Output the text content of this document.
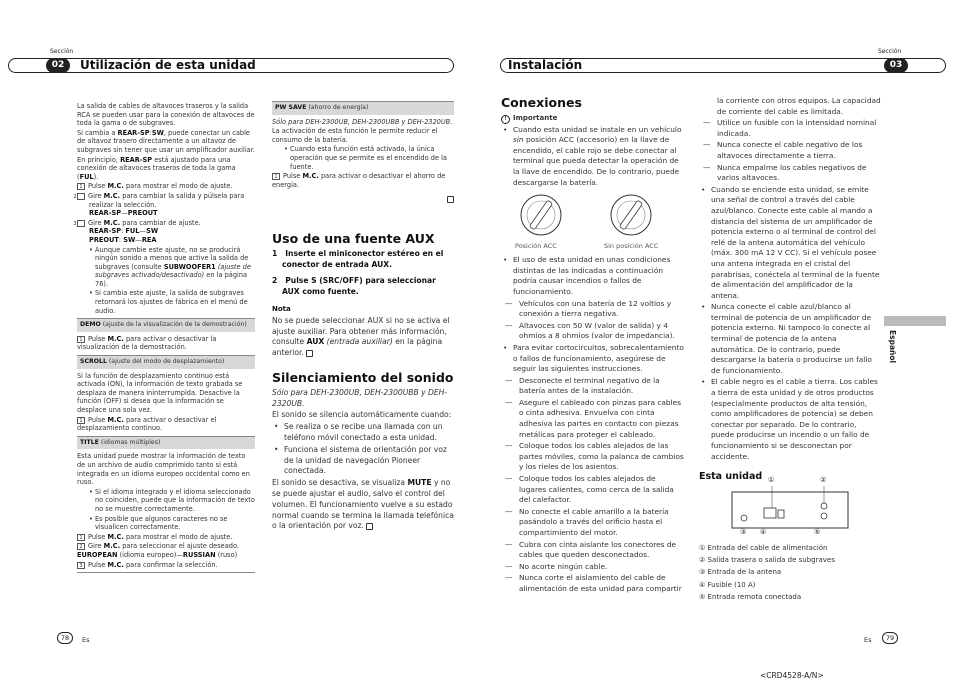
Sección
02	Utilización de esta unidad
Sección
03
Instalación

La salida de cables de altavoces traseros y la salida RCA se pueden usar para la conexión de altavoces de toda la gama o de subgraves.

Si cambia a REAR-SP:SW, puede conectar un cable de altavoz trasero directamente a un altavoz de subgraves sin tener que usar un amplificador auxiliar.

En principio, REAR-SP está ajustado para una conexión de altavoces traseros de toda la gama (FUL).

1 Pulse M.C. para mostrar el modo de ajuste.

2 Gire M.C. para cambiar la salida y púlsela para realizar la selección.
REAR-SP—PREOUT

3 Gire M.C. para cambiar de ajuste.
REAR-SP: FUL—SW
PREOUT: SW—REA

• Aunque cambie este ajuste, no se producirá ningún sonido a menos que active la salida de subgraves (consulte SUBWOOFER1 (ajuste de subgraves activado/desactivado) en la página 76).

• Si cambia este ajuste, la salida de subgraves retornará los ajustes de fábrica en el menú de audio.

DEMO (ajuste de la visualización de la demostración)

1 Pulse M.C. para activar o desactivar la visualización de la demostración.

SCROLL (ajuste del modo de desplazamiento)

Si la función de desplazamiento continuo está activada (ON), la información de texto grabada se desplaza de manera ininterrumpida. Desactive la función (OFF) si desea que la información se desplace una sola vez.

1 Pulse M.C. para activar o desactivar el desplazamiento continuo.

TITLE (idiomas múltiples)

Esta unidad puede mostrar la información de texto de un archivo de audio comprimido tanto si está integrada en un idioma europeo occidental como en ruso.

• Si el idioma integrado y el idioma seleccionado no coinciden, puede que la información de texto no se muestre correctamente.

• Es posible que algunos caracteres no se visualicen correctamente.

1 Pulse M.C. para mostrar el modo de ajuste.

2 Gire M.C. para seleccionar el ajuste deseado.
EUROPEAN (idioma europeo)—RUSSIAN (ruso)

3 Pulse M.C. para confirmar la selección.

PW SAVE (ahorro de energía)

Sólo para DEH-2300UB, DEH-2300UBB y DEH-2320UB.

La activación de esta función le permite reducir el consumo de la batería.

• Cuando esta función está activada, la única operación que se permite es el encendido de la fuente.

1 Pulse M.C. para activar o desactivar el ahorro de energía.

Uso de una fuente AUX

1 Inserte el miniconector estéreo en el conector de entrada AUX.

2 Pulse S (SRC/OFF) para seleccionar AUX como fuente.

Nota

No se puede seleccionar AUX si no se activa el ajuste auxiliar. Para obtener más información, consulte AUX (entrada auxiliar) en la página anterior.

Silenciamiento del sonido

Sólo para DEH-2300UB, DEH-2300UBB y DEH-2320UB.

El sonido se silencia automáticamente cuando:

• Se realiza o se recibe una llamada con un teléfono móvil conectado a esta unidad.

• Funciona el sistema de orientación por voz de la unidad de navegación Pioneer conectada.

El sonido se desactiva, se visualiza MUTE y no se puede ajustar el audio, salvo el control del volumen. El funcionamiento vuelve a su estado normal cuando se termina la llamada telefónica o la orientación por voz.

Conexiones

! Importante

• Cuando esta unidad se instale en un vehículo sin posición ACC (accesorio) en la llave de encendido, el cable rojo se debe conectar al terminal que pueda detectar la operación de la llave de encendido. De lo contrario, puede descargarse la batería.

Posición ACC	Sin posición ACC

• El uso de esta unidad en unas condiciones distintas de las indicadas a continuación podría causar incendios o fallos de funcionamiento.

— Vehículos con una batería de 12 voltios y conexión a tierra negativa.

— Altavoces con 50 W (valor de salida) y 4 ohmios a 8 ohmios (valor de impedancia).

• Para evitar cortocircuitos, sobrecalentamiento o fallos de funcionamiento, asegúrese de seguir las siguientes instrucciones.

— Desconecte el terminal negativo de la batería antes de la instalación.

— Asegure el cableado con pinzas para cables o cinta adhesiva. Envuelva con cinta adhesiva las partes en contacto con piezas metálicas para proteger el cableado.

— Coloque todos los cables alejados de las partes móviles, como la palanca de cambios y los rieles de los asientos.

— Coloque todos los cables alejados de lugares calientes, como cerca de la salida del calefactor.

— No conecte el cable amarillo a la batería pasándolo a través del orificio hasta el compartimiento del motor.

— Cubra con cinta aislante los conectores de cables que queden desconectados.

— No acorte ningún cable.

— Nunca corte el aislamiento del cable de alimentación de esta unidad para compartir

la corriente con otros equipos. La capacidad de corriente del cable es limitada.

— Utilice un fusible con la intensidad nominal indicada.

— Nunca conecte el cable negativo de los altavoces directamente a tierra.

— Nunca empalme los cables negativos de varios altavoces.

• Cuando se enciende esta unidad, se emite una señal de control a través del cable azul/blanco. Conecte este cable al mando a distancia del sistema de un amplificador de potencia externo o al terminal de control del relé de la antena automática del vehículo (máx. 300 mA 12 V CC). Si el vehículo posee una antena integrada en el cristal del parabrisas, conéctela al terminal de la fuente de alimentación del amplificador de la antena.

• Nunca conecte el cable azul/blanco al terminal de potencia de un amplificador de potencia externo. Ni tampoco lo conecte al terminal de potencia de la antena automática. De lo contrario, puede descargarse la batería o producirse un fallo de funcionamiento.

• El cable negro es el cable a tierra. Los cables a tierra de esta unidad y de otros productos (especialmente productos de alta tensión, como amplificadores de potencia) se deben conectar por separado. De lo contrario, puede producirse un incendio o un fallo de funcionamiento si se desconectan por accidente.

Esta unidad ①	②
③ ④	⑤

① Entrada del cable de alimentación

② Salida trasera o salida de subgraves

③ Entrada de la antena

④ Fusible (10 A)

⑤ Entrada remota conectada

Español
78	Es	Es	79
<CRD4528-A/N>
